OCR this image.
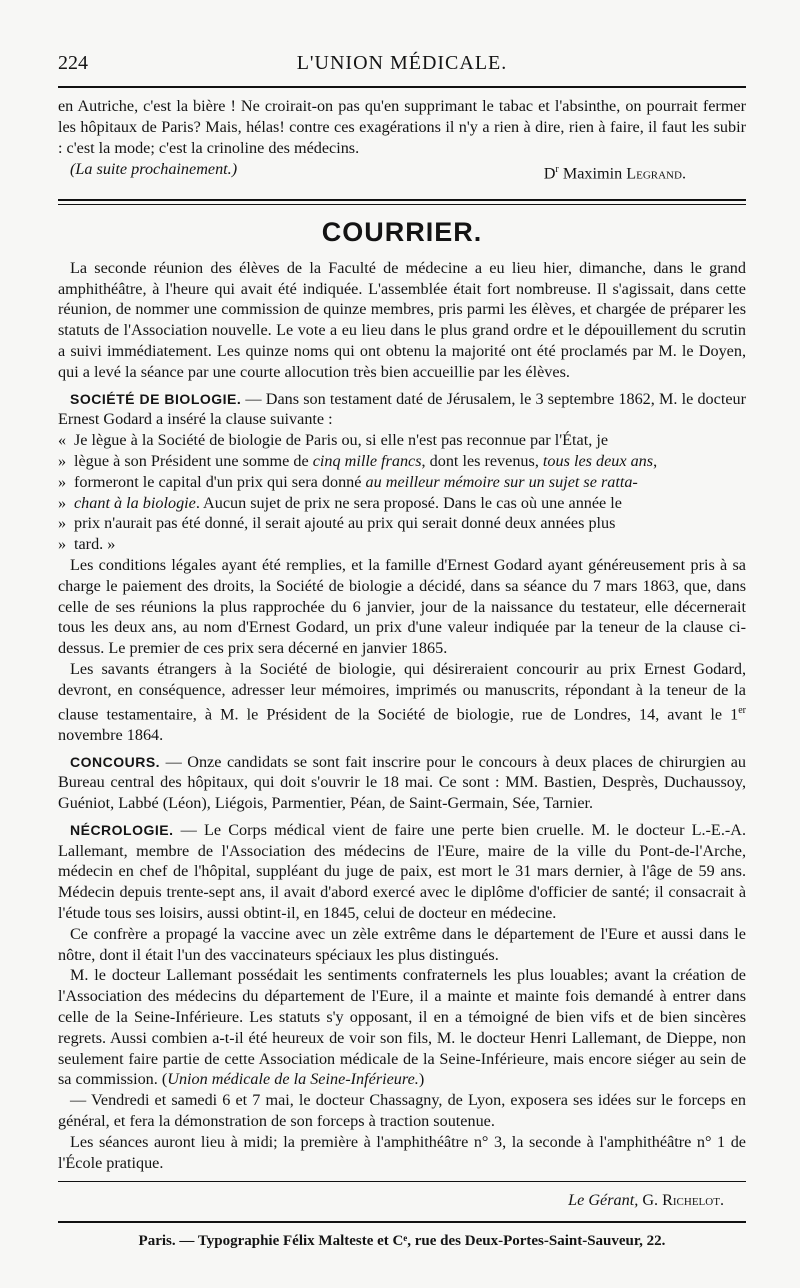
224	L'UNION MÉDICALE.

en Autriche, c'est la bière ! Ne croirait-on pas qu'en supprimant le tabac et l'absinthe, on pourrait fermer les hôpitaux de Paris? Mais, hélas! contre ces exagérations il n'y a rien à dire, rien à faire, il faut les subir : c'est la mode; c'est la crinoline des médecins.

(La suite prochainement.)	$D^r$ Maximin Legrand.
COURRIER.

La seconde réunion des élèves de la Faculté de médecine a eu lieu hier, dimanche, dans le grand amphithéâtre, à l'heure qui avait été indiquée. L'assemblée était fort nombreuse. Il s'agissait, dans cette réunion, de nommer une commission de quinze membres, pris parmi les élèves, et chargée de préparer les statuts de l'Association nouvelle. Le vote a eu lieu dans le plus grand ordre et le dépouillement du scrutin a suivi immédiatement. Les quinze noms qui ont obtenu la majorité ont été proclamés par M. le Doyen, qui a levé la séance par une courte allocution très bien accueillie par les élèves.

SOCIÉTÉ DE BIOLOGIE. — Dans son testament daté de Jérusalem, le 3 septembre 1862, M. le docteur Ernest Godard a inséré la clause suivante :

« Je lègue à la Société de biologie de Paris ou, si elle n'est pas reconnue par l'État, je

» lègue à son Président une somme de cinq mille francs, dont les revenus, tous les deux ans,

» formeront le capital d'un prix qui sera donné au meilleur mémoire sur un sujet se ratta-

» chant à la biologie. Aucun sujet de prix ne sera proposé. Dans le cas où une année le

» prix n'aurait pas été donné, il serait ajouté au prix qui serait donné deux années plus

» tard. »

Les conditions légales ayant été remplies, et la famille d'Ernest Godard ayant généreusement pris à sa charge le paiement des droits, la Société de biologie a décidé, dans sa séance du 7 mars 1863, que, dans celle de ses réunions la plus rapprochée du 6 janvier, jour de la naissance du testateur, elle décernerait tous les deux ans, au nom d'Ernest Godard, un prix d'une valeur indiquée par la teneur de la clause ci-dessus. Le premier de ces prix sera décerné en janvier 1865.

Les savants étrangers à la Société de biologie, qui désireraient concourir au prix Ernest Godard, devront, en conséquence, adresser leur mémoires, imprimés ou manuscrits, répondant à la teneur de la clause testamentaire, à M. le Président de la Société de biologie, rue de Londres, 14, avant le 1er novembre 1864.

CONCOURS. — Onze candidats se sont fait inscrire pour le concours à deux places de chirurgien au Bureau central des hôpitaux, qui doit s'ouvrir le 18 mai. Ce sont : MM. Bastien, Desprès, Duchaussoy, Guéniot, Labbé (Léon), Liégois, Parmentier, Péan, de Saint-Germain, Sée, Tarnier.

NÉCROLOGIE. — Le Corps médical vient de faire une perte bien cruelle. M. le docteur L.-E.-A. Lallemant, membre de l'Association des médecins de l'Eure, maire de la ville du Pont-de-l'Arche, médecin en chef de l'hôpital, suppléant du juge de paix, est mort le 31 mars dernier, à l'âge de 59 ans. Médecin depuis trente-sept ans, il avait d'abord exercé avec le diplôme d'officier de santé; il consacrait à l'étude tous ses loisirs, aussi obtint-il, en 1845, celui de docteur en médecine.

Ce confrère a propagé la vaccine avec un zèle extrême dans le département de l'Eure et aussi dans le nôtre, dont il était l'un des vaccinateurs spéciaux les plus distingués.

M. le docteur Lallemant possédait les sentiments confraternels les plus louables; avant la création de l'Association des médecins du département de l'Eure, il a mainte et mainte fois demandé à entrer dans celle de la Seine-Inférieure. Les statuts s'y opposant, il en a témoigné de bien vifs et de bien sincères regrets. Aussi combien a-t-il été heureux de voir son fils, M. le docteur Henri Lallemant, de Dieppe, non seulement faire partie de cette Association médicale de la Seine-Inférieure, mais encore siéger au sein de sa commission. (Union médicale de la Seine-Inférieure.)

— Vendredi et samedi 6 et 7 mai, le docteur Chassagny, de Lyon, exposera ses idées sur le forceps en général, et fera la démonstration de son forceps à traction soutenue.

Les séances auront lieu à midi; la première à l'amphithéâtre n° 3, la seconde à l'amphithéâtre n° 1 de l'École pratique.

Le Gérant, G. Richelot.
Paris. — Typographie Félix Malteste et Cᵉ, rue des Deux-Portes-Saint-Sauveur, 22.
